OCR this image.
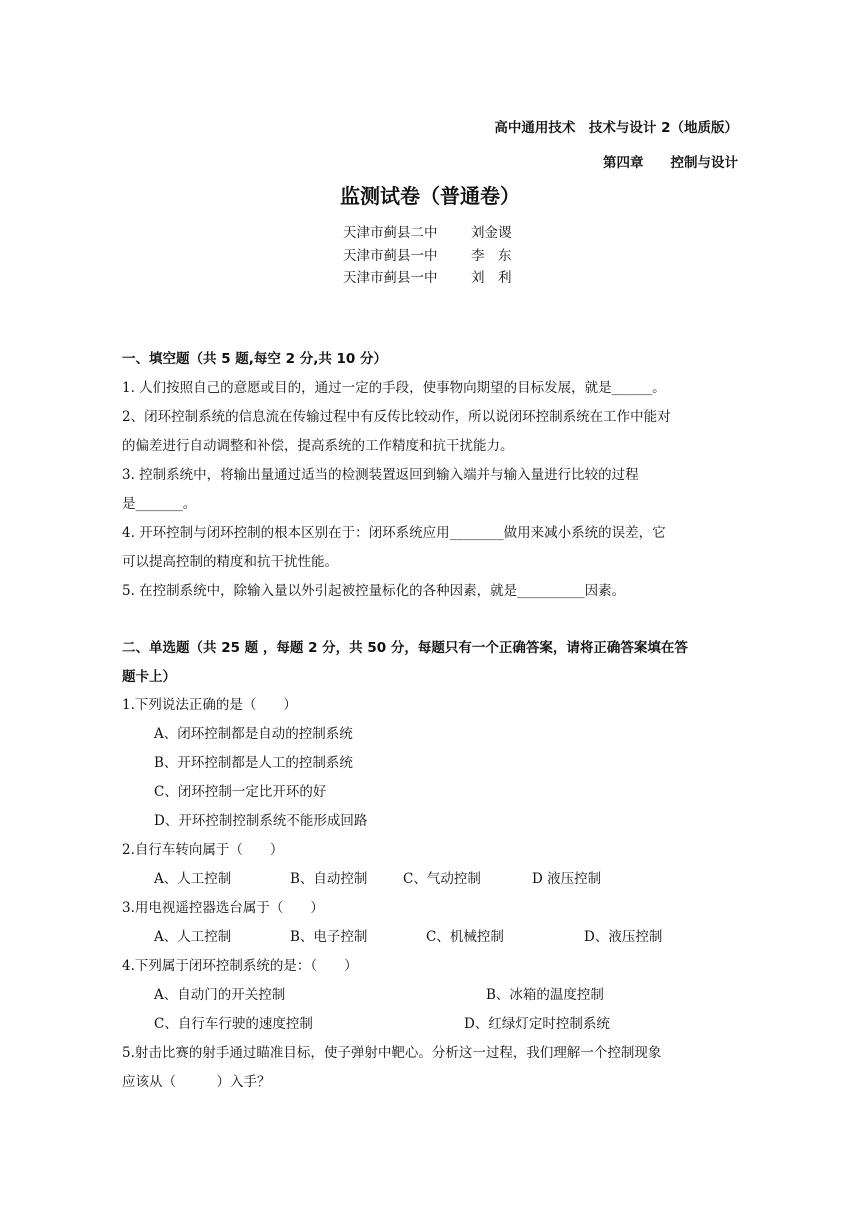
高中通用技术　技术与设计 2（地质版）
第四章　　控制与设计
监测试卷（普通卷）
天津市蓟县二中 刘金谡
天津市蓟县一中 李　东
天津市蓟县一中 刘　利
一、填空题（共 5 题,每空 2 分,共 10 分）
1. 人们按照自己的意愿或目的，通过一定的手段，使事物向期望的目标发展，就是______。
2、闭环控制系统的信息流在传输过程中有反传比较动作，所以说闭环控制系统在工作中能对
的偏差进行自动调整和补偿，提高系统的工作精度和抗干扰能力。
3. 控制系统中，将输出量通过适当的检测装置返回到输入端并与输入量进行比较的过程
是_______。
4. 开环控制与闭环控制的根本区别在于：闭环系统应用________做用来减小系统的误差，它
可以提高控制的精度和抗干扰性能。
5. 在控制系统中，除输入量以外引起被控量标化的各种因素，就是__________因素。
二、单选题（共 25 题 ，每题 2 分，共 50 分，每题只有一个正确答案，请将正确答案填在答
题卡上）
1.下列说法正确的是（　　）
A、闭环控制都是自动的控制系统
B、开环控制都是人工的控制系统
C、闭环控制一定比开环的好
D、开环控制控制系统不能形成回路
2.自行车转向属于（　　）
A、人工控制	B、自动控制	C、气动控制	D 液压控制
3.用电视遥控器选台属于（　　）
A、人工控制	B、电子控制	C、机械控制	D、液压控制
4.下列属于闭环控制系统的是：（　　）
A、自动门的开关控制	B、冰箱的温度控制
C、自行车行驶的速度控制	D、红绿灯定时控制系统
5.射击比赛的射手通过瞄准目标，使子弹射中靶心。分析这一过程，我们理解一个控制现象
应该从（　　　）入手？
